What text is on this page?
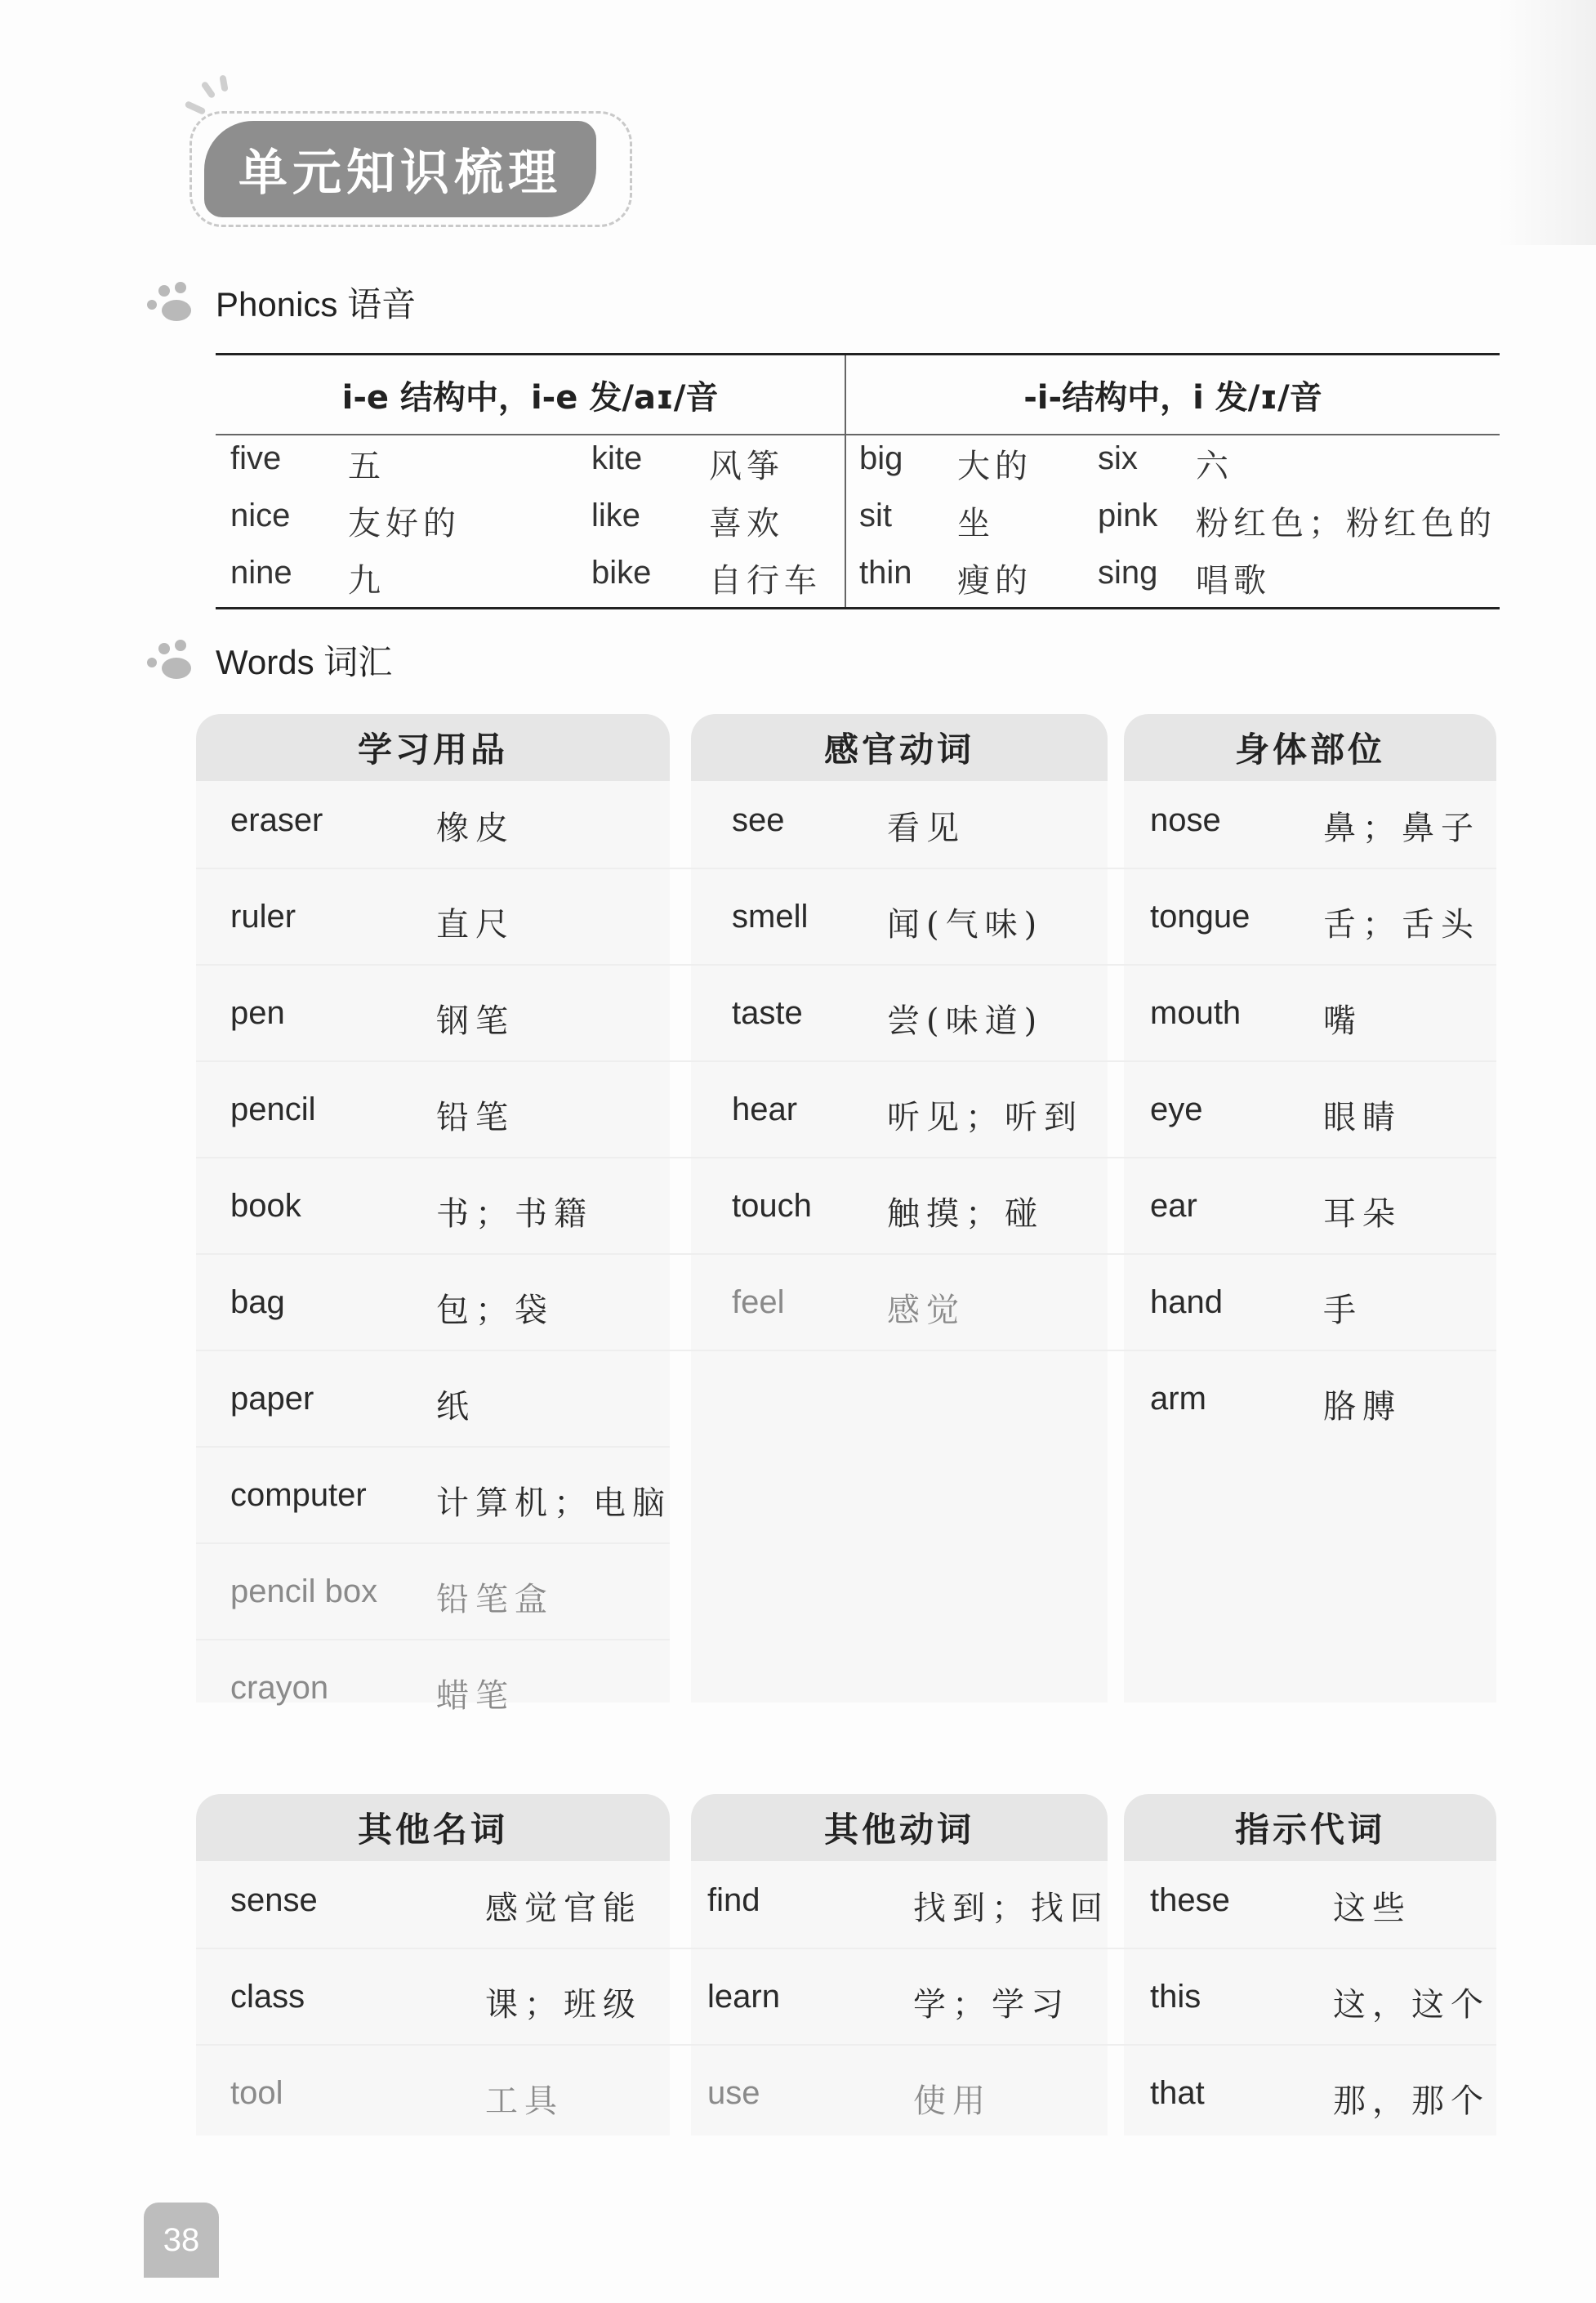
单元知识梳理
Phonics 语音
i-e 结构中，i-e 发/aɪ/音	-i-结构中，i 发/ɪ/音
five 五	kite 风筝 big 大的 six 六
nice 友好的	like 喜欢 sit 坐	pink 粉红色；粉红色的
nine 九	bike 自行车 thin 瘦的 sing 唱歌
Words 词汇
学习用品	感官动词	身体部位
eraser	橡皮
ruler	直尺
pen	钢笔
pencil	铅笔
book	书；书籍
bag	包；袋
paper	纸
computer 计算机；电脑
pencil box 铅笔盒
crayon	蜡笔
see	看见
smell 闻(气味)
taste	尝(味道)
hear	听见；听到
touch 触摸；碰
feel	感觉
nose	鼻；鼻子
tongue 舌；舌头
mouth	嘴
eye	眼睛
ear	耳朵
hand	手
arm	胳膊
其他名词	其他动词	指示代词
sense	感觉官能
class	课；班级
tool	工具
find	找到；找回
learn	学；学习
use	使用
these	这些
this	这，这个
that	那，那个
38
